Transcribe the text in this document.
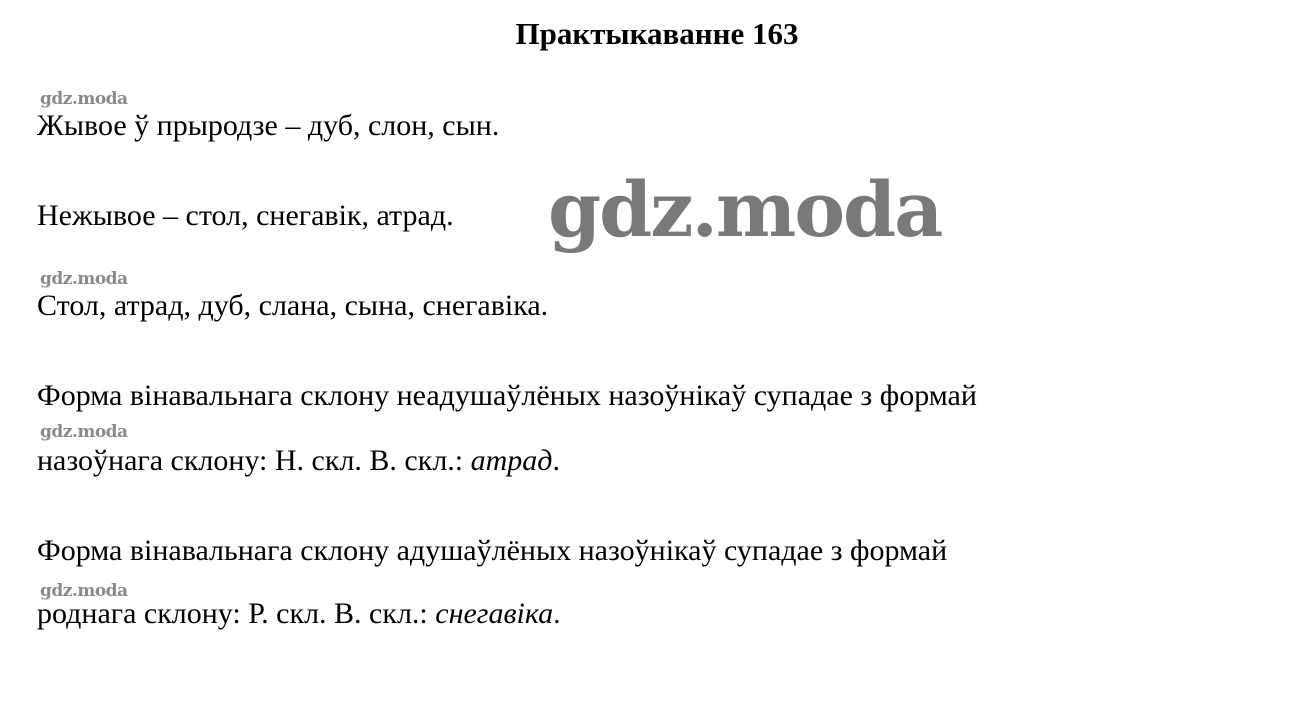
Практыкаванне 163
gdz.moda
Жывое ў прыродзе – дуб, слон, сын.
Нежывое – стол, снегавік, атрад. gdz.moda
gdz.moda
Стол, атрад, дуб, слана, сына, снегавіка.
Форма вінавальнага склону неадушаўлёных назоўнікаў супадае з формай
gdz.moda
назоўнага склону: Н. скл. В. скл.: атрад.
Форма вінавальнага склону адушаўлёных назоўнікаў супадае з формай
gdz.moda
роднага склону: Р. скл. В. скл.: снегавіка.
